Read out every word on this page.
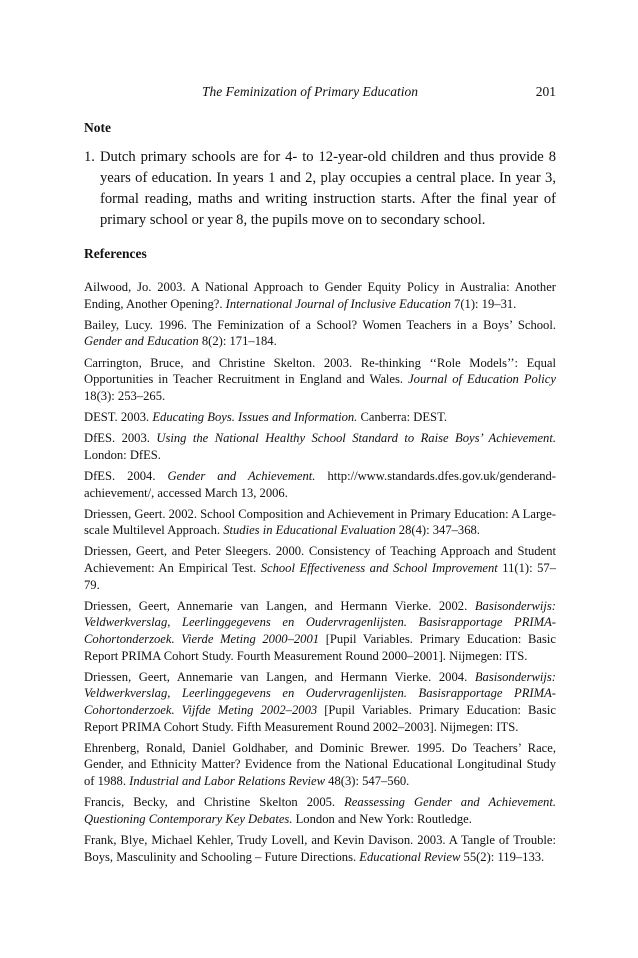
The Feminization of Primary Education	201
Note
1. Dutch primary schools are for 4- to 12-year-old children and thus provide 8 years of education. In years 1 and 2, play occupies a central place. In year 3, formal reading, maths and writing instruction starts. After the final year of primary school or year 8, the pupils move on to secondary school.
References

Ailwood, Jo. 2003. A National Approach to Gender Equity Policy in Australia: Another Ending, Another Opening?. International Journal of Inclusive Education 7(1): 19–31.

Bailey, Lucy. 1996. The Feminization of a School? Women Teachers in a Boys’ School. Gender and Education 8(2): 171–184.

Carrington, Bruce, and Christine Skelton. 2003. Re-thinking ‘‘Role Models’’: Equal Opportunities in Teacher Recruitment in England and Wales. Journal of Education Policy 18(3): 253–265.

DEST. 2003. Educating Boys. Issues and Information. Canberra: DEST.

DfES. 2003. Using the National Healthy School Standard to Raise Boys’ Achievement. London: DfES.

DfES. 2004. Gender and Achievement. http://www.standards.dfes.gov.uk/genderand-achievement/, accessed March 13, 2006.

Driessen, Geert. 2002. School Composition and Achievement in Primary Education: A Large-scale Multilevel Approach. Studies in Educational Evaluation 28(4): 347–368.

Driessen, Geert, and Peter Sleegers. 2000. Consistency of Teaching Approach and Student Achievement: An Empirical Test. School Effectiveness and School Improvement 11(1): 57–79.

Driessen, Geert, Annemarie van Langen, and Hermann Vierke. 2002. Basisonderwijs: Veldwerkverslag, Leerlinggegevens en Oudervragenlijsten. Basisrapportage PRIMA-Cohortonderzoek. Vierde Meting 2000–2001 [Pupil Variables. Primary Education: Basic Report PRIMA Cohort Study. Fourth Measurement Round 2000–2001]. Nijmegen: ITS.

Driessen, Geert, Annemarie van Langen, and Hermann Vierke. 2004. Basisonderwijs: Veldwerkverslag, Leerlinggegevens en Oudervragenlijsten. Basisrapportage PRIMA-Cohortonderzoek. Vijfde Meting 2002–2003 [Pupil Variables. Primary Education: Basic Report PRIMA Cohort Study. Fifth Measurement Round 2002–2003]. Nijmegen: ITS.

Ehrenberg, Ronald, Daniel Goldhaber, and Dominic Brewer. 1995. Do Teachers’ Race, Gender, and Ethnicity Matter? Evidence from the National Educational Longitudinal Study of 1988. Industrial and Labor Relations Review 48(3): 547–560.

Francis, Becky, and Christine Skelton 2005. Reassessing Gender and Achievement. Questioning Contemporary Key Debates. London and New York: Routledge.

Frank, Blye, Michael Kehler, Trudy Lovell, and Kevin Davison. 2003. A Tangle of Trouble: Boys, Masculinity and Schooling – Future Directions. Educational Review 55(2): 119–133.
